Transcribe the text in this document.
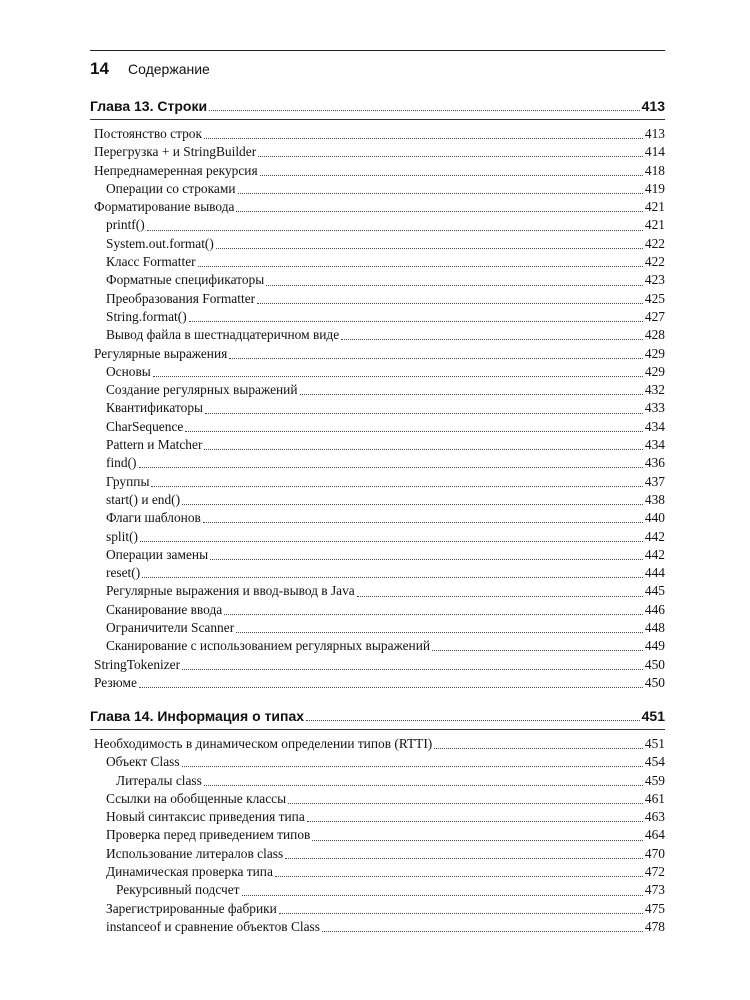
14 Содержание
Глава 13. Строки	413
Постоянство строк	413
Перегрузка + и StringBuilder	414
Непреднамеренная рекурсия	418
Операции со строками	419
Форматирование вывода	421
printf()	421
System.out.format()	422
Класс Formatter	422
Форматные спецификаторы	423
Преобразования Formatter	425
String.format()	427
Вывод файла в шестнадцатеричном виде	428
Регулярные выражения	429
Основы	429
Создание регулярных выражений	432
Квантификаторы	433
CharSequence	434
Pattern и Matcher	434
find()	436
Группы	437
start() и end()	438
Флаги шаблонов	440
split()	442
Операции замены	442
reset()	444
Регулярные выражения и ввод-вывод в Java	445
Сканирование ввода	446
Ограничители Scanner	448
Сканирование с использованием регулярных выражений	449
StringTokenizer	450
Резюме	450
Глава 14. Информация о типах	451
Необходимость в динамическом определении типов (RTTI)	451
Объект Class	454
Литералы class	459
Ссылки на обобщенные классы	461
Новый синтаксис приведения типа	463
Проверка перед приведением типов	464
Использование литералов class	470
Динамическая проверка типа	472
Рекурсивный подсчет	473
Зарегистрированные фабрики	475
instanceof и сравнение объектов Class	478
